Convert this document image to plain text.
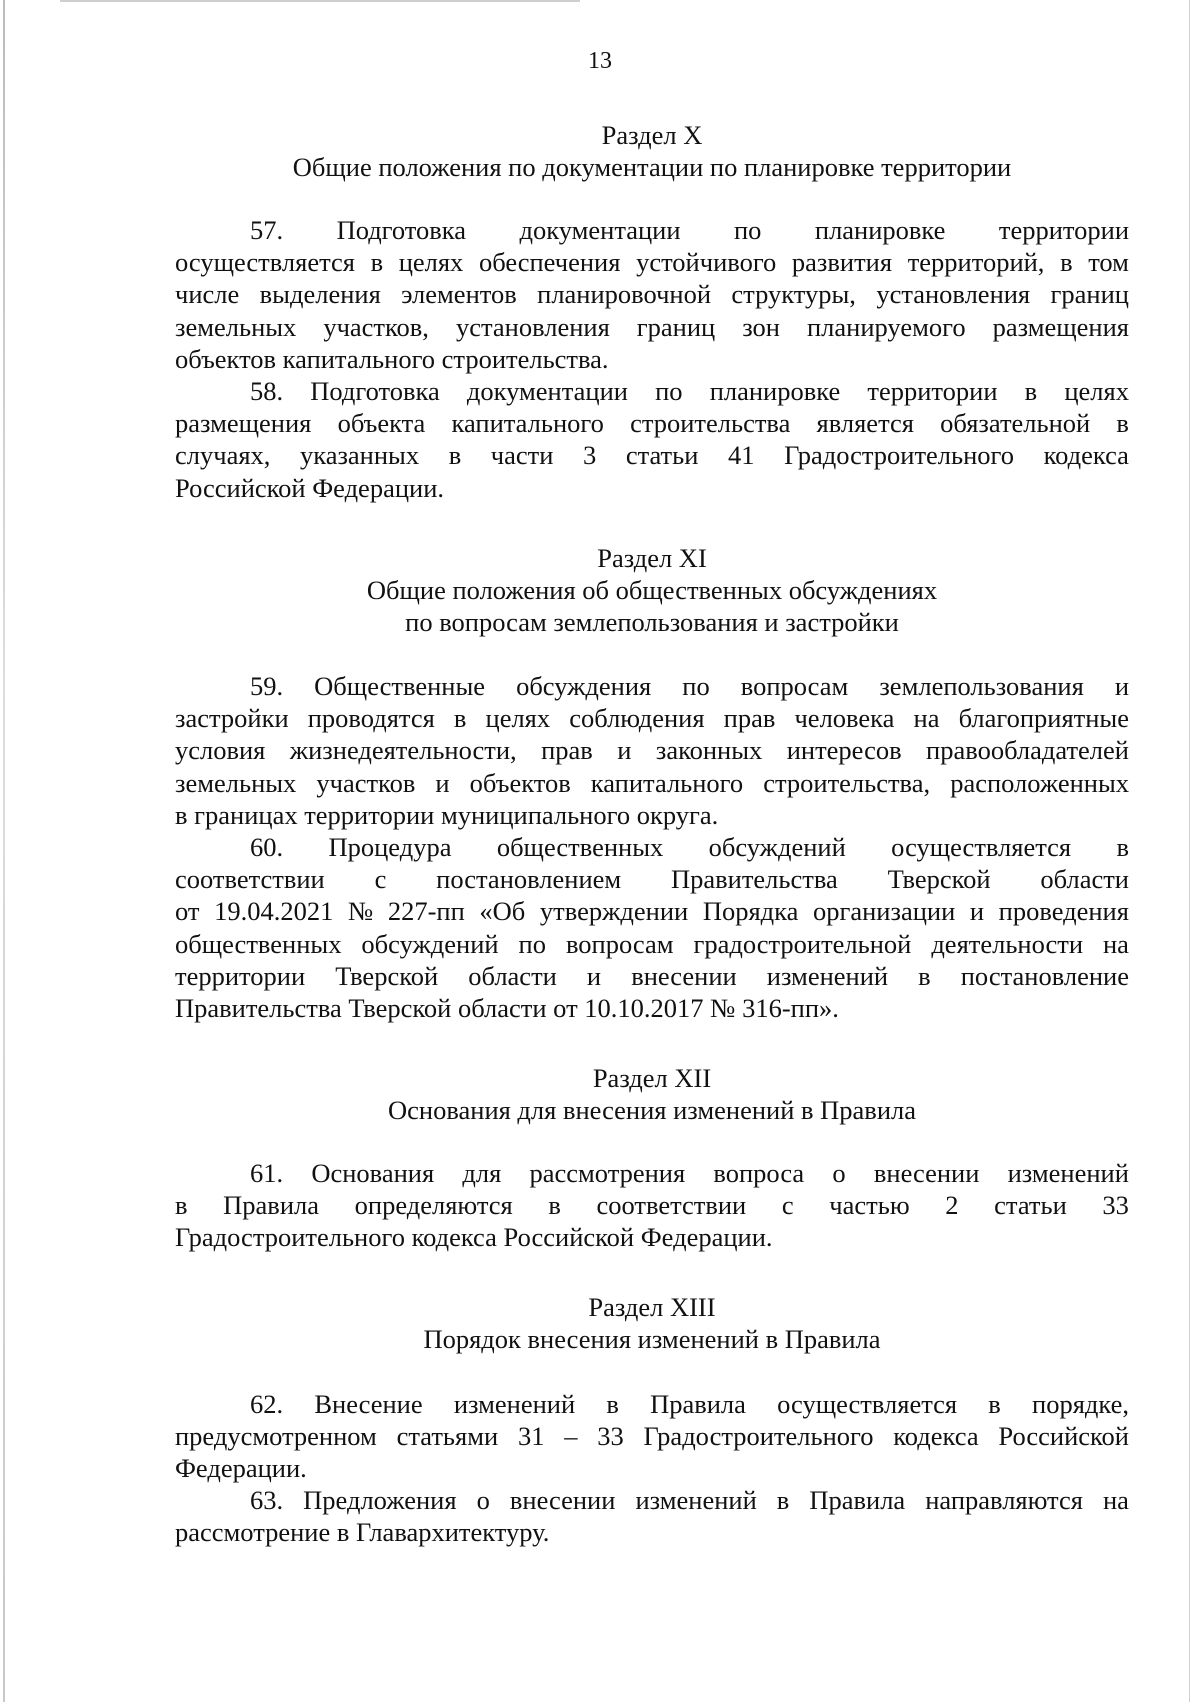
13
Раздел X
Общие положения по документации по планировке территории
57. Подготовка документации по планировке территории
осуществляется в целях обеспечения устойчивого развития территорий, в том
числе выделения элементов планировочной структуры, установления границ
земельных участков, установления границ зон планируемого размещения
объектов капитального строительства.
58. Подготовка документации по планировке территории в целях
размещения объекта капитального строительства является обязательной в
случаях, указанных в части 3 статьи 41 Градостроительного кодекса
Российской Федерации.
Раздел XI
Общие положения об общественных обсуждениях
по вопросам землепользования и застройки
59. Общественные обсуждения по вопросам землепользования и
застройки проводятся в целях соблюдения прав человека на благоприятные
условия жизнедеятельности, прав и законных интересов правообладателей
земельных участков и объектов капитального строительства, расположенных
в границах территории муниципального округа.
60. Процедура общественных обсуждений осуществляется в
соответствии с постановлением Правительства Тверской области
от 19.04.2021 № 227-пп «Об утверждении Порядка организации и проведения
общественных обсуждений по вопросам градостроительной деятельности на
территории Тверской области и внесении изменений в постановление
Правительства Тверской области от 10.10.2017 № 316-пп».
Раздел XII
Основания для внесения изменений в Правила
61. Основания для рассмотрения вопроса о внесении изменений
в Правила определяются в соответствии с частью 2 статьи 33
Градостроительного кодекса Российской Федерации.
Раздел XIII
Порядок внесения изменений в Правила
62. Внесение изменений в Правила осуществляется в порядке,
предусмотренном статьями 31 – 33 Градостроительного кодекса Российской
Федерации.
63. Предложения о внесении изменений в Правила направляются на
рассмотрение в Главархитектуру.
